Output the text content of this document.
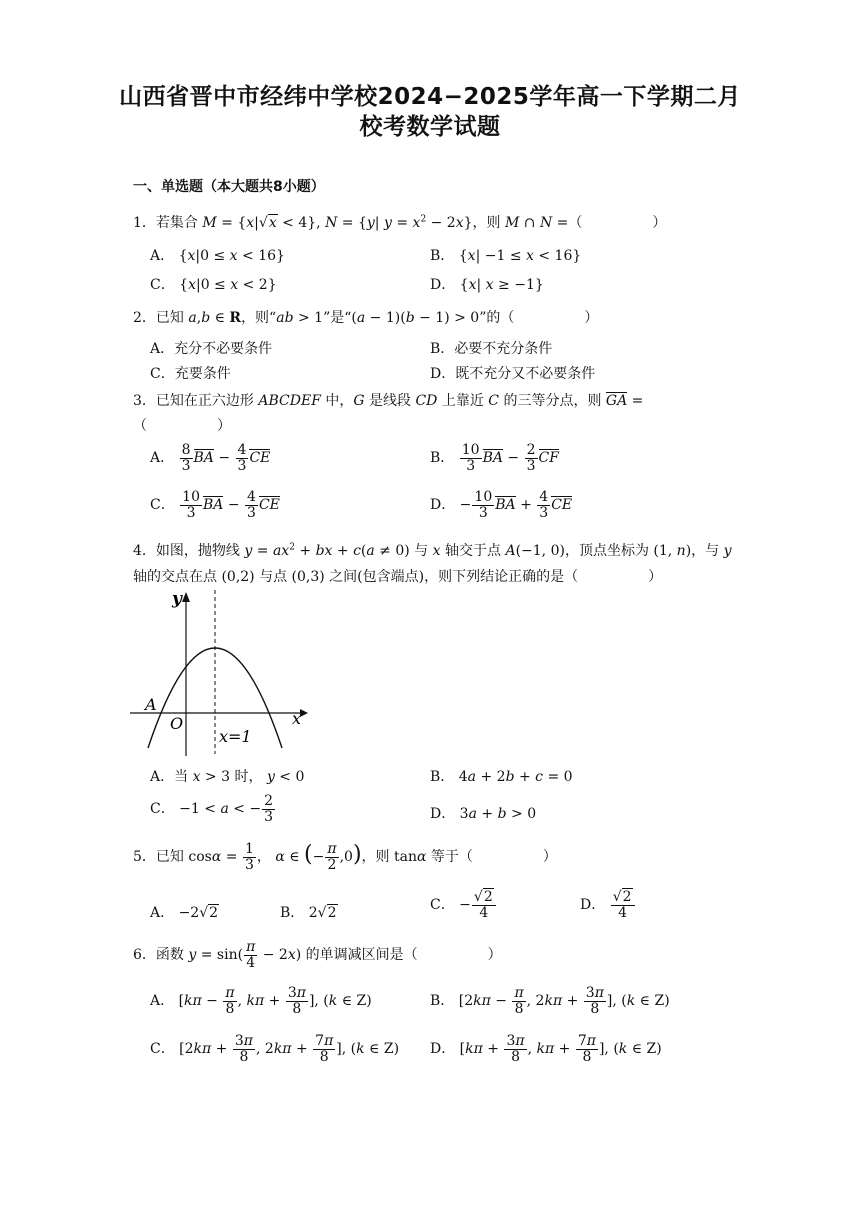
山西省晋中市经纬中学校2024−2025学年高一下学期二月
校考数学试题
一、单选题（本大题共8小题）
1．若集合 M = {x|√x < 4}, N = {y| $y = x^2 - 2x$}，则 M ∩ N =（	）
A． {x|0 ≤ x < 16}	B． {x| −1 ≤ x < 16}
C． {x|0 ≤ x < 2}	D． {x| x ≥ −1}
2．已知 a,b ∈ R，则“ab > 1”是“(a − 1)(b − 1) > 0”的（	）
A．充分不必要条件	B．必要不充分条件
C．充要条件	D．既不充分又不必要条件
3．已知在正六边形 ABCDEF 中，G 是线段 CD 上靠近 C 的三等分点，则 GA =
（	）
A． $\frac{8}{3}$ BA − $\frac{4}{3}$ CE	B． $\frac{10}{3}$ BA − $\frac{2}{3}$ CF
C． $\frac{10}{3}$ BA − $\frac{4}{3}$ CE	D． − $\frac{10}{3}$ BA + $\frac{4}{3}$ CE
4．如图，抛物线 $y = ax^2$ + bx + c(a ≠ 0) 与 x 轴交于点 A(−1, 0)，顶点坐标为 (1, n)，与 y
轴的交点在点 (0,2) 与点 (0,3) 之间(包含端点)，则下列结论正确的是（	）
y
x
O
A
x=1
A．当 x > 3 时， y < 0	B． 4a + 2b + c = 0
C． −1 < a < − $\frac{2}{3}$	D． 3a + b > 0
5．已知 $\cos\alpha = \frac{1}{3}$ ， α ∈ (− $\frac{\pi}{2} ,0$)，则 tanα 等于（	）
A． −2√2	B． 2√2	C． − $\frac{√2}{4}$	D． $\frac{√2}{4}$
6．函数 $y = \sin( \frac{\pi}{4} - 2x)$ 的单调减区间是（	）
A． [$k\pi - \frac{\pi}{8}$ , $k\pi + \frac{3\pi}{8}$ ], (k ∈ Z)	B． [$2k\pi - \frac{\pi}{8}$ , $2k\pi + \frac{3\pi}{8}$ ], (k ∈ Z)
C． [$2k\pi + \frac{3\pi}{8}$ , $2k\pi + \frac{7\pi}{8}$ ], (k ∈ Z) D． [$k\pi + \frac{3\pi}{8}$ , $k\pi + \frac{7\pi}{8}$ ], (k ∈ Z)
